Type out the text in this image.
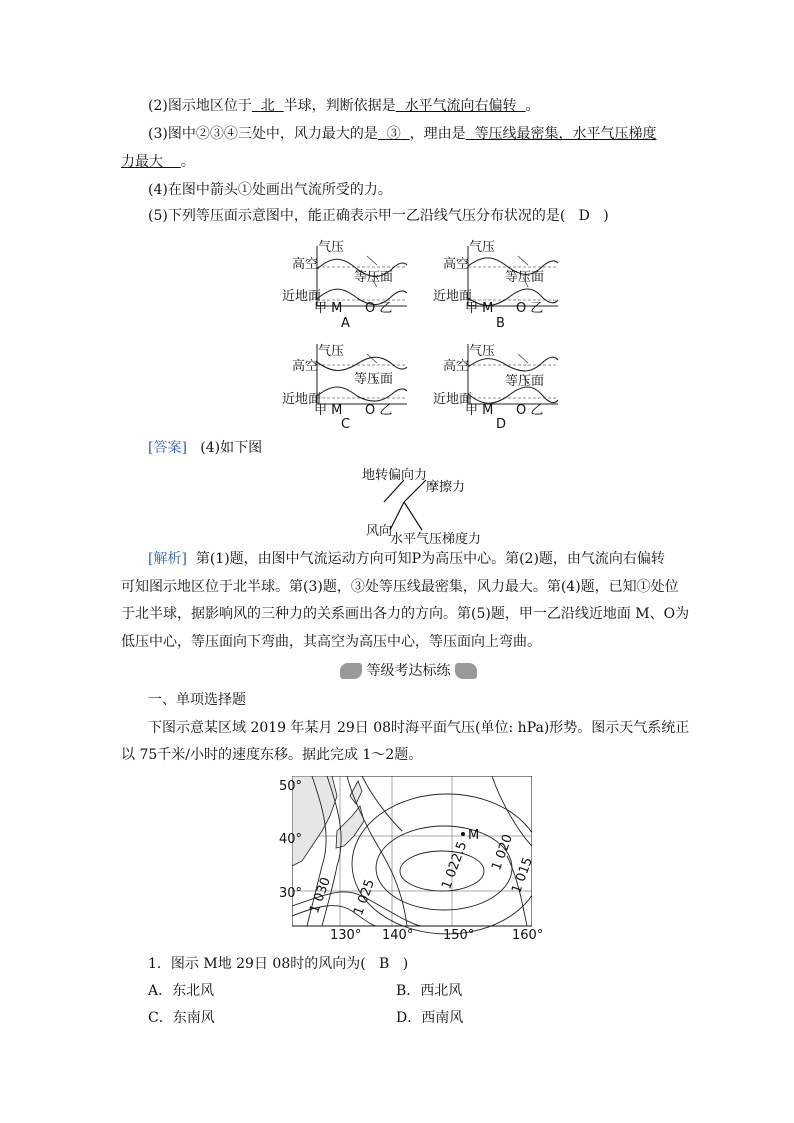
(2)图示地区位于 北 半球，判断依据是 水平气流向右偏转 。
(3)图中②③④三处中，风力最大的是 ③ ，理由是 等压线最密集，水平气压梯度
力最大 。
(4)在图中箭头①处画出气流所受的力。
(5)下列等压面示意图中，能正确表示甲一乙沿线气压分布状况的是( D )
气压
高空
等压面
近地面
甲 M O 乙
A
气压
高空
等压面
近地面
甲 M O 乙
B
气压
高空
等压面
近地面
甲 M O 乙
C
气压
高空
等压面
近地面
甲 M O 乙
D
[答案] (4)如下图
地转偏向力
摩擦力
风向
水平气压梯度力
[解析] 第(1)题，由图中气流运动方向可知P为高压中心。第(2)题，由气流向右偏转
可知图示地区位于北半球。第(3)题，③处等压线最密集，风力最大。第(4)题，已知①处位
于北半球，据影响风的三种力的关系画出各力的方向。第(5)题，甲一乙沿线近地面 M、O为
低压中心，等压面向下弯曲，其高空为高压中心，等压面向上弯曲。
等级考达标练
一、单项选择题
下图示意某区域 2019 年某月 29日 08时海平面气压(单位: hPa)形势。图示天气系统正
以 75千米/小时的速度东移。据此完成 1～2题。
50°
40°
30°
130° 140° 150°	160°
M
1 030 1 025
1 022.5 1 020
1 015
1．图示 M地 29日 08时的风向为( B )
A．东北风	B．西北风
C．东南风	D．西南风
